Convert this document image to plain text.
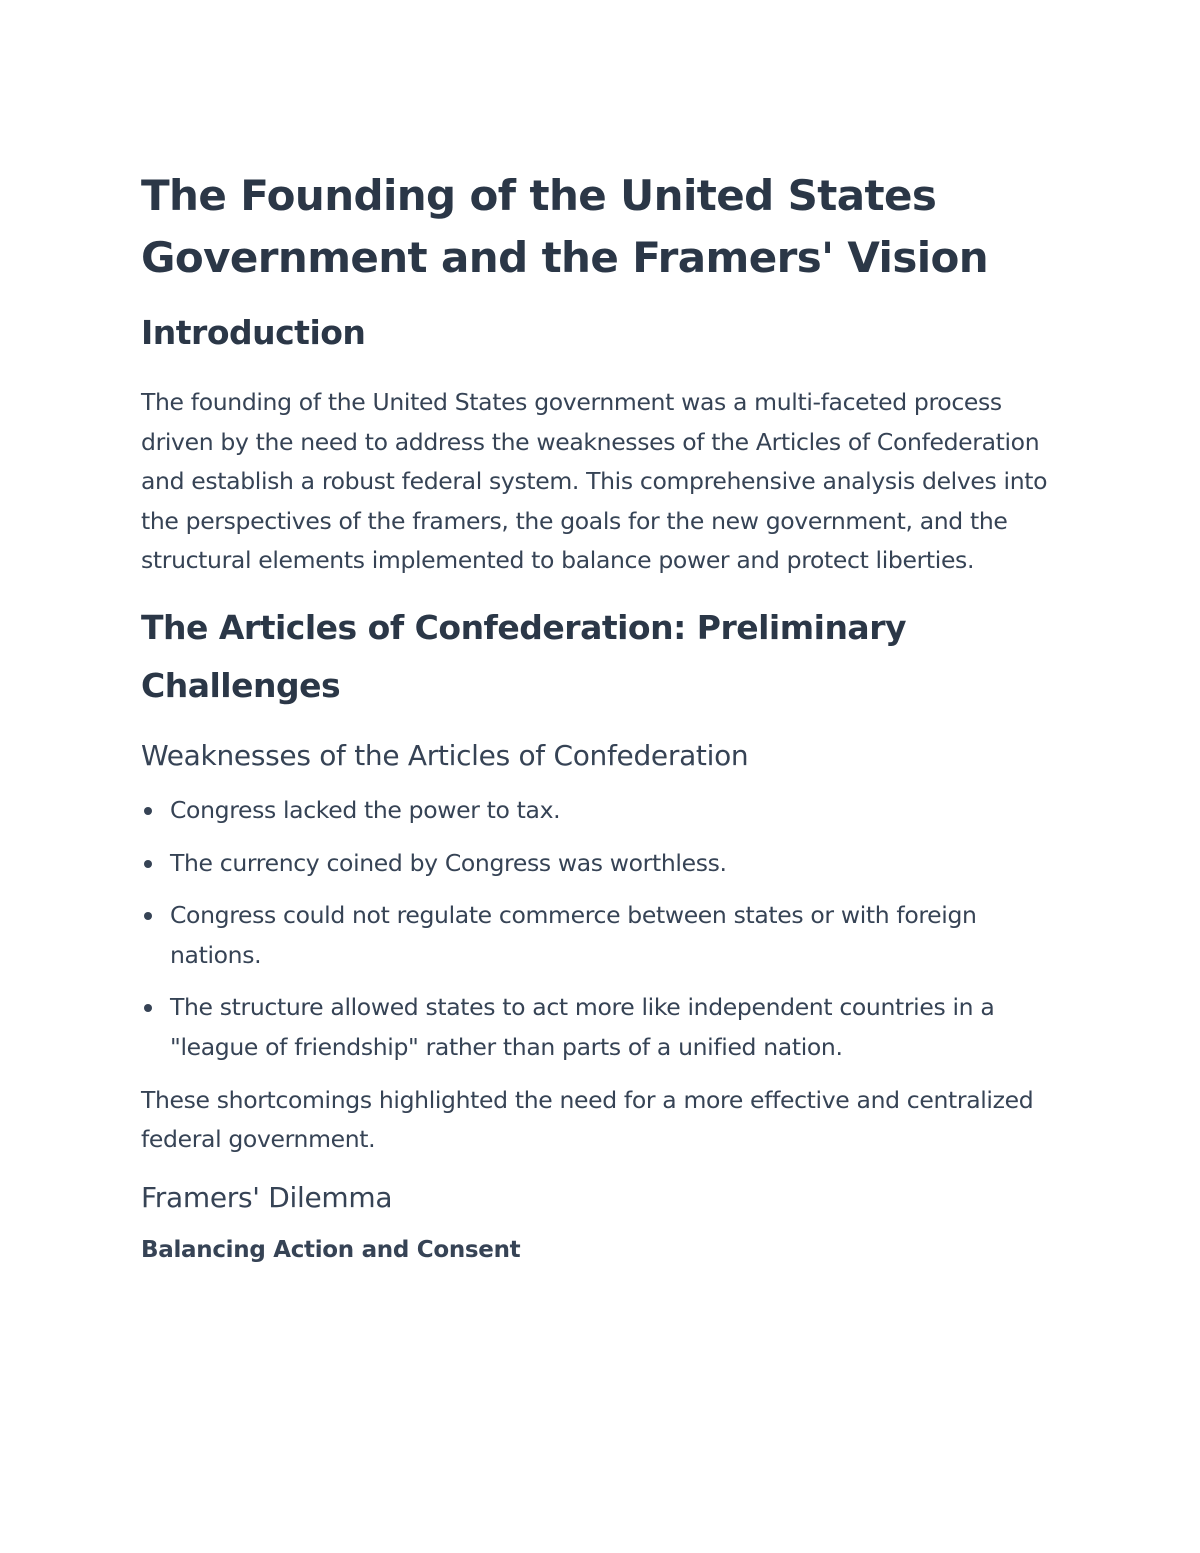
The Founding of the United States Government and the Framers' Vision
Introduction

The founding of the United States government was a multi-faceted process driven by the need to address the weaknesses of the Articles of Confederation and establish a robust federal system. This comprehensive analysis delves into the perspectives of the framers, the goals for the new government, and the structural elements implemented to balance power and protect liberties.

The Articles of Confederation: Preliminary Challenges
Weaknesses of the Articles of Confederation
Congress lacked the power to tax.
The currency coined by Congress was worthless.
Congress could not regulate commerce between states or with foreign nations.
The structure allowed states to act more like independent countries in a "league of friendship" rather than parts of a unified nation.

These shortcomings highlighted the need for a more effective and centralized federal government.

Framers' Dilemma
Balancing Action and Consent
